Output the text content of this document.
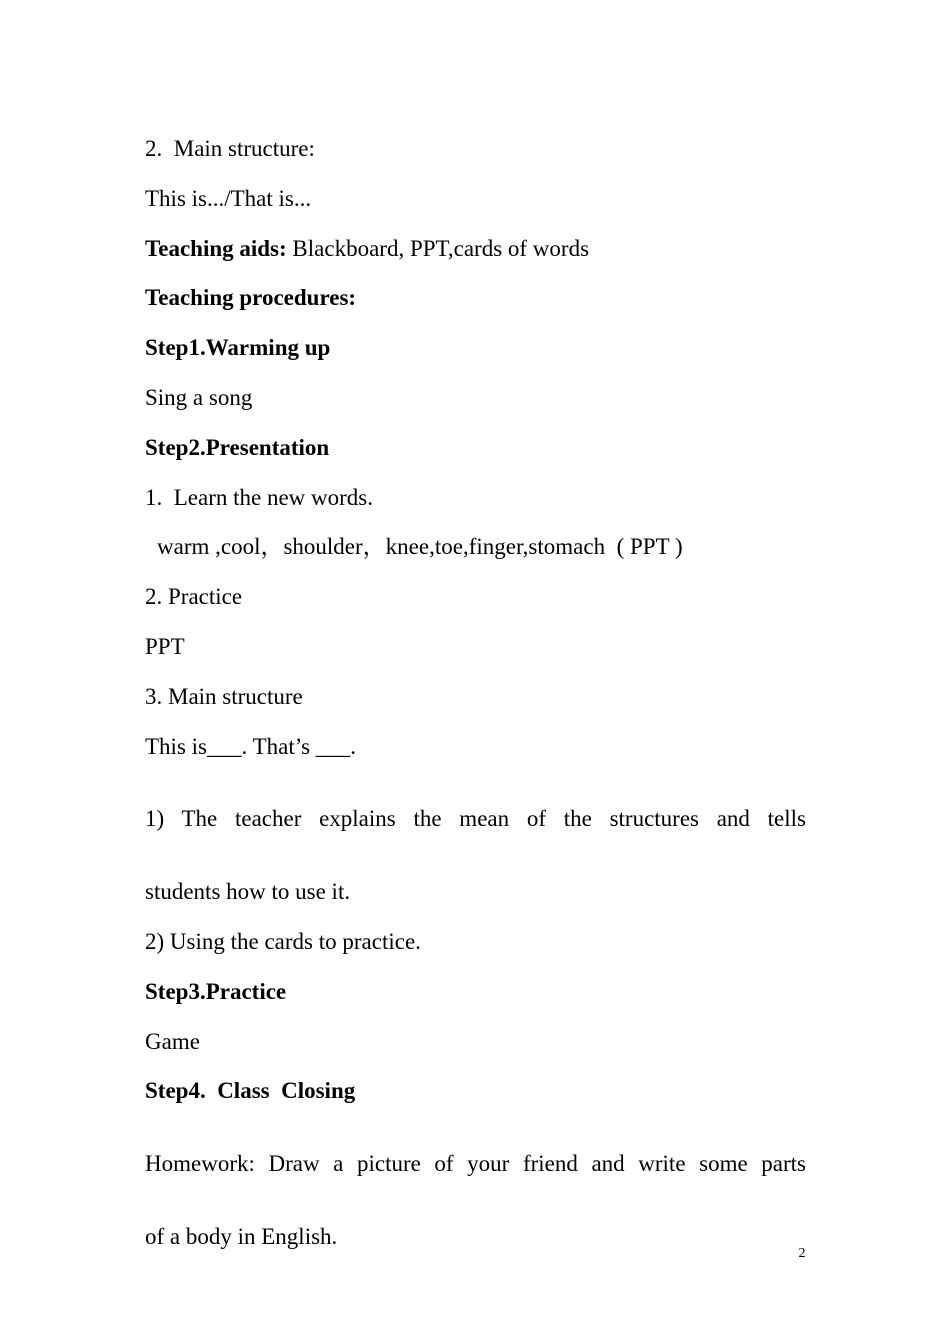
2.  Main structure:

This is.../That is...

Teaching aids: Blackboard, PPT,cards of words

Teaching procedures:

Step1.Warming up

Sing a song

Step2.Presentation

1.  Learn the new words.

warm ,cool，shoulder，knee,toe,finger,stomach  ( PPT )

2. Practice

PPT

3. Main structure

This is___. That’s ___.

1) The teacher explains the mean of the structures and tells

students how to use it.

2) Using the cards to practice.

Step3.Practice

Game

Step4.  Class  Closing

Homework: Draw a picture of your friend and write some parts

of a body in English.

2
